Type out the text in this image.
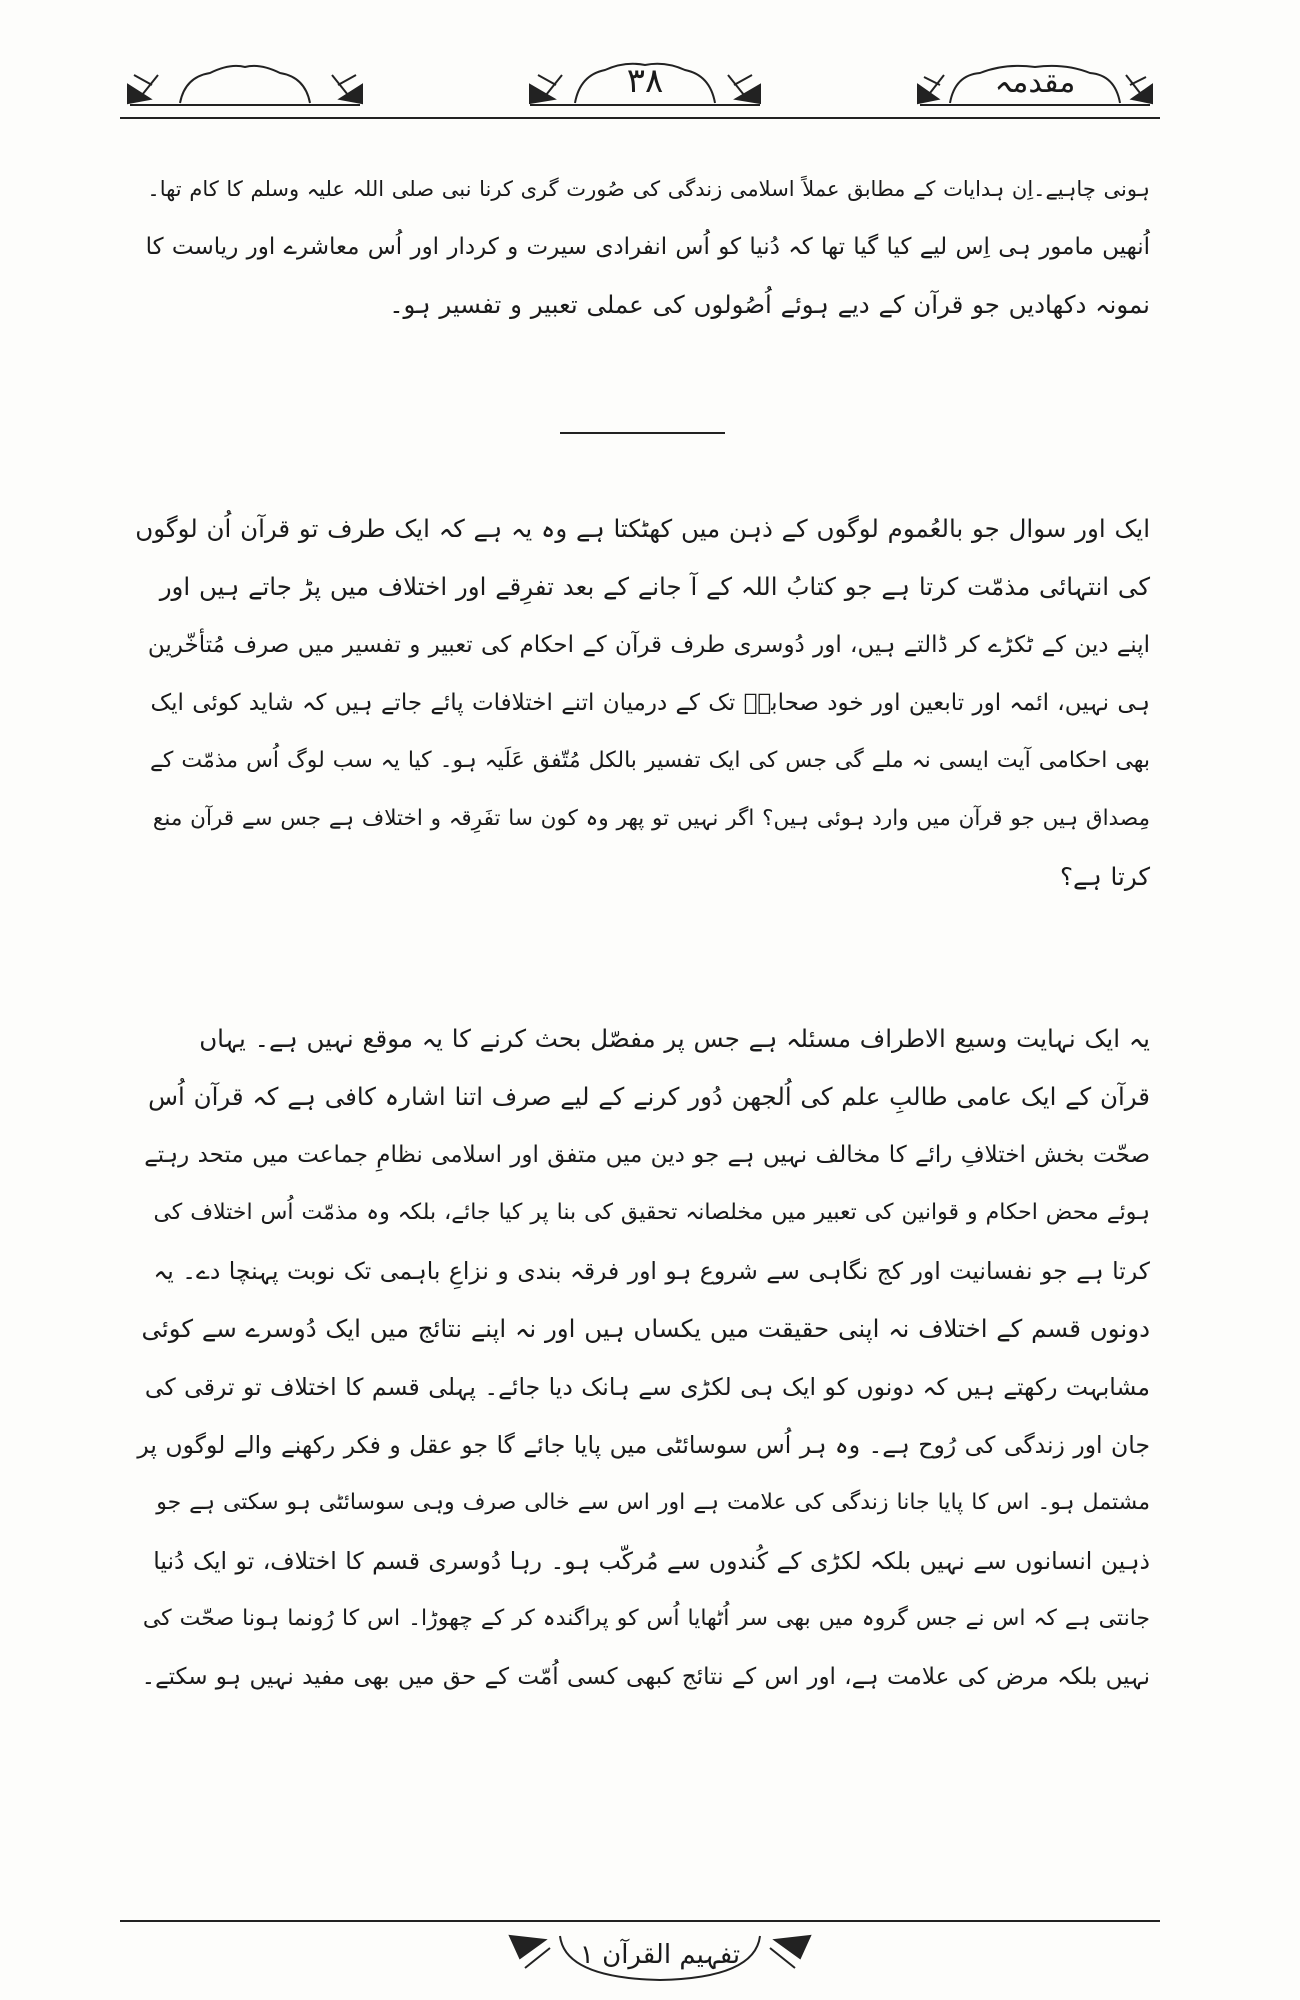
مقدمہ
۳۸
ہونی چاہیے۔اِن ہدایات کے مطابق عملاً اسلامی زندگی کی صُورت گری کرنا نبی صلی اللہ علیہ وسلم کا کام تھا۔
اُنھیں مامور ہی اِس لیے کیا گیا تھا کہ دُنیا کو اُس انفرادی سیرت و کردار اور اُس معاشرے اور ریاست کا
نمونہ دکھادیں جو قرآن کے دیے ہوئے اُصُولوں کی عملی تعبیر و تفسیر ہو۔
ایک اور سوال جو بالعُموم لوگوں کے ذہن میں کھٹکتا ہے وہ یہ ہے کہ ایک طرف تو قرآن اُن لوگوں
کی انتہائی مذمّت کرتا ہے جو کتابُ اللہ کے آ جانے کے بعد تفرِقے اور اختلاف میں پڑ جاتے ہیں اور
اپنے دین کے ٹکڑے کر ڈالتے ہیں، اور دُوسری طرف قرآن کے احکام کی تعبیر و تفسیر میں صرف مُتأخّرین
ہی نہیں، ائمہ اور تابعین اور خود صحابہؓ تک کے درمیان اتنے اختلافات پائے جاتے ہیں کہ شاید کوئی ایک
بھی احکامی آیت ایسی نہ ملے گی جس کی ایک تفسیر بالکل مُتّفق عَلَیہ ہو۔ کیا یہ سب لوگ اُس مذمّت کے
مِصداق ہیں جو قرآن میں وارد ہوئی ہیں؟ اگر نہیں تو پھر وہ کون سا تفَرِقہ و اختلاف ہے جس سے قرآن منع
کرتا ہے؟
یہ ایک نہایت وسیع الاطراف مسئلہ ہے جس پر مفصّل بحث کرنے کا یہ موقع نہیں ہے۔ یہاں
قرآن کے ایک عامی طالبِ علم کی اُلجھن دُور کرنے کے لیے صرف اتنا اشارہ کافی ہے کہ قرآن اُس
صحّت بخش اختلافِ رائے کا مخالف نہیں ہے جو دین میں متفق اور اسلامی نظامِ جماعت میں متحد رہتے
ہوئے محض احکام و قوانین کی تعبیر میں مخلصانہ تحقیق کی بنا پر کیا جائے، بلکہ وہ مذمّت اُس اختلاف کی
کرتا ہے جو نفسانیت اور کج نگاہی سے شروع ہو اور فرقہ بندی و نزاعِ باہمی تک نوبت پہنچا دے۔ یہ
دونوں قسم کے اختلاف نہ اپنی حقیقت میں یکساں ہیں اور نہ اپنے نتائج میں ایک دُوسرے سے کوئی
مشابہت رکھتے ہیں کہ دونوں کو ایک ہی لکڑی سے ہانک دیا جائے۔ پہلی قسم کا اختلاف تو ترقی کی
جان اور زندگی کی رُوح ہے۔ وہ ہر اُس سوسائٹی میں پایا جائے گا جو عقل و فکر رکھنے والے لوگوں پر
مشتمل ہو۔ اس کا پایا جانا زندگی کی علامت ہے اور اس سے خالی صرف وہی سوسائٹی ہو سکتی ہے جو
ذہین انسانوں سے نہیں بلکہ لکڑی کے کُندوں سے مُرکّب ہو۔ رہا دُوسری قسم کا اختلاف، تو ایک دُنیا
جانتی ہے کہ اس نے جس گروہ میں بھی سر اُٹھایا اُس کو پراگندہ کر کے چھوڑا۔ اس کا رُونما ہونا صحّت کی
نہیں بلکہ مرض کی علامت ہے، اور اس کے نتائج کبھی کسی اُمّت کے حق میں بھی مفید نہیں ہو سکتے۔
تفہیم القرآن ۱
